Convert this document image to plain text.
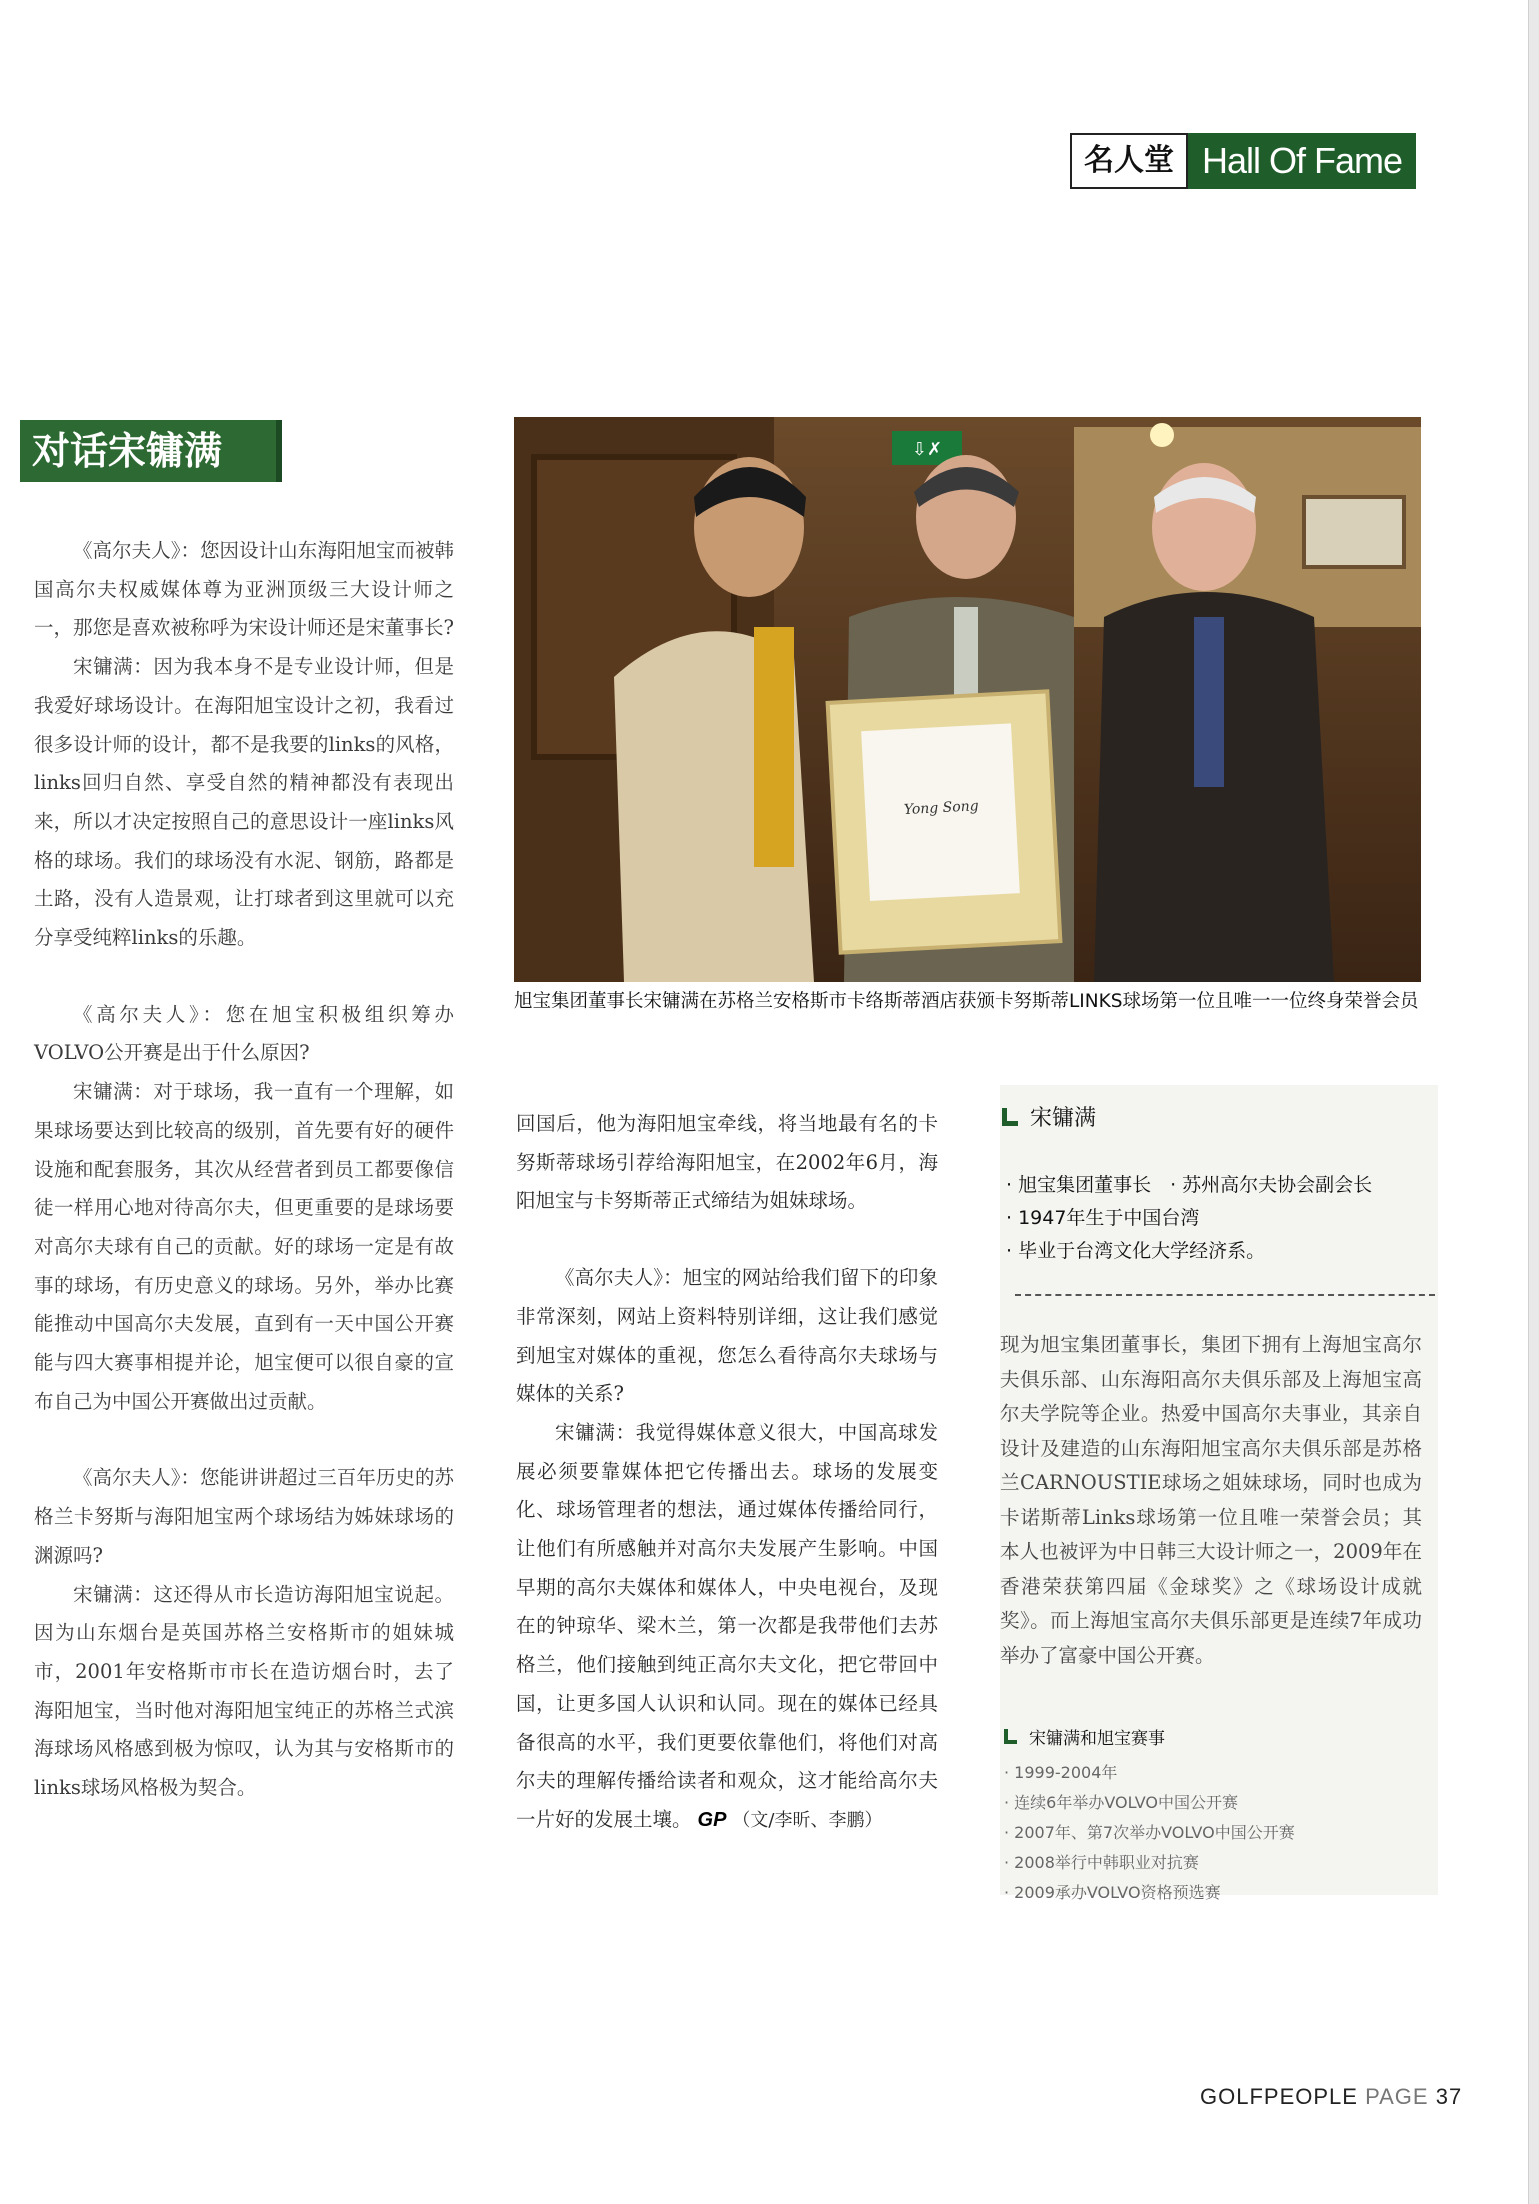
名人堂 Hall Of Fame
对话宋镛满

《高尔夫人》：您因设计山东海阳旭宝而被韩国高尔夫权威媒体尊为亚洲顶级三大设计师之一，那您是喜欢被称呼为宋设计师还是宋董事长?

宋镛满：因为我本身不是专业设计师，但是我爱好球场设计。在海阳旭宝设计之初，我看过很多设计师的设计，都不是我要的links的风格，links回归自然、享受自然的精神都没有表现出来，所以才决定按照自己的意思设计一座links风格的球场。我们的球场没有水泥、钢筋，路都是土路，没有人造景观，让打球者到这里就可以充分享受纯粹links的乐趣。

《高尔夫人》：您在旭宝积极组织筹办VOLVO公开赛是出于什么原因?

宋镛满：对于球场，我一直有一个理解，如果球场要达到比较高的级别，首先要有好的硬件设施和配套服务，其次从经营者到员工都要像信徒一样用心地对待高尔夫，但更重要的是球场要对高尔夫球有自己的贡献。好的球场一定是有故事的球场，有历史意义的球场。另外，举办比赛能推动中国高尔夫发展，直到有一天中国公开赛能与四大赛事相提并论，旭宝便可以很自豪的宣布自己为中国公开赛做出过贡献。

《高尔夫人》：您能讲讲超过三百年历史的苏格兰卡努斯与海阳旭宝两个球场结为姊妹球场的渊源吗?

宋镛满：这还得从市长造访海阳旭宝说起。因为山东烟台是英国苏格兰安格斯市的姐妹城市，2001年安格斯市市长在造访烟台时，去了海阳旭宝，当时他对海阳旭宝纯正的苏格兰式滨海球场风格感到极为惊叹，认为其与安格斯市的links球场风格极为契合。

⇩✗
Yong Song
旭宝集团董事长宋镛满在苏格兰安格斯市卡络斯蒂酒店获颁卡努斯蒂LINKS球场第一位且唯一一位终身荣誉会员

回国后，他为海阳旭宝牵线，将当地最有名的卡努斯蒂球场引荐给海阳旭宝，在2002年6月，海阳旭宝与卡努斯蒂正式缔结为姐妹球场。

《高尔夫人》：旭宝的网站给我们留下的印象非常深刻，网站上资料特别详细，这让我们感觉到旭宝对媒体的重视，您怎么看待高尔夫球场与媒体的关系?

宋镛满：我觉得媒体意义很大，中国高球发展必须要靠媒体把它传播出去。球场的发展变化、球场管理者的想法，通过媒体传播给同行，让他们有所感触并对高尔夫发展产生影响。中国早期的高尔夫媒体和媒体人，中央电视台，及现在的钟琼华、梁木兰，第一次都是我带他们去苏格兰，他们接触到纯正高尔夫文化，把它带回中国，让更多国人认识和认同。现在的媒体已经具备很高的水平，我们更要依靠他们，将他们对高尔夫的理解传播给读者和观众，这才能给高尔夫一片好的发展土壤。 GP （文/李昕、李鹏）

宋镛满
· 旭宝集团董事长　· 苏州高尔夫协会副会长
· 1947年生于中国台湾
· 毕业于台湾文化大学经济系。
现为旭宝集团董事长，集团下拥有上海旭宝高尔夫俱乐部、山东海阳高尔夫俱乐部及上海旭宝高尔夫学院等企业。热爱中国高尔夫事业，其亲自设计及建造的山东海阳旭宝高尔夫俱乐部是苏格兰CARNOUSTIE球场之姐妹球场，同时也成为卡诺斯蒂Links球场第一位且唯一荣誉会员；其本人也被评为中日韩三大设计师之一，2009年在香港荣获第四届《金球奖》之《球场设计成就奖》。而上海旭宝高尔夫俱乐部更是连续7年成功举办了富豪中国公开赛。
宋镛满和旭宝赛事
· 1999-2004年
· 连续6年举办VOLVO中国公开赛
· 2007年、第7次举办VOLVO中国公开赛
· 2008举行中韩职业对抗赛
· 2009承办VOLVO资格预选赛
GOLFPEOPLE PAGE 37
